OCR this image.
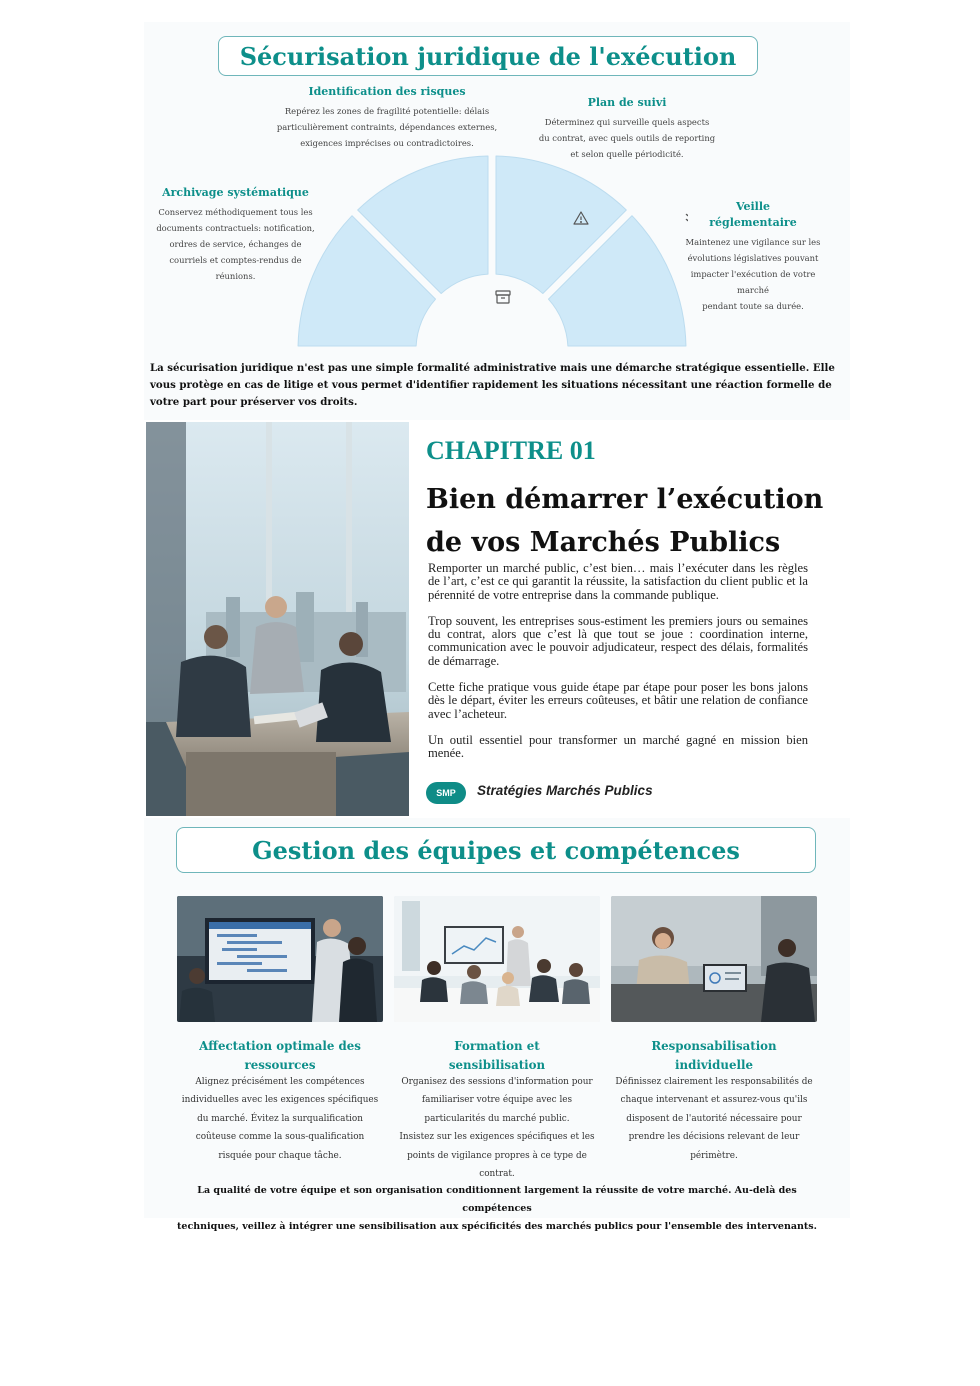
Sécurisation juridique de l'exécution
Identification des risques
Repérez les zones de fragilité potentielle: délais
particulièrement contraints, dépendances externes,
exigences imprécises ou contradictoires.
Plan de suivi
Déterminez qui surveille quels aspects
du contrat, avec quels outils de reporting
et selon quelle périodicité.
Archivage systématique
Conservez méthodiquement tous les
documents contractuels: notification,
ordres de service, échanges de
courriels et comptes-rendus de
réunions.
Veille
réglementaire
Maintenez une vigilance sur les
évolutions législatives pouvant
impacter l'exécution de votre marché
pendant toute sa durée.
La sécurisation juridique n'est pas une simple formalité administrative mais une démarche stratégique essentielle. Elle vous protège en cas de litige et vous permet d'identifier rapidement les situations nécessitant une réaction formelle de votre part pour préserver vos droits.
CHAPITRE 01
Bien démarrer l’exécution
de vos Marchés Publics

Remporter un marché public, c’est bien… mais l’exécuter dans les règles de l’art, c’est ce qui garantit la réussite, la satisfaction du client public et la pérennité de votre entreprise dans la commande publique.

Trop souvent, les entreprises sous-estiment les premiers jours ou semaines du contrat, alors que c’est là que tout se joue : coordination interne, communication avec le pouvoir adjudicateur, respect des délais, formalités de démarrage.

Cette fiche pratique vous guide étape par étape pour poser les bons jalons dès le départ, éviter les erreurs coûteuses, et bâtir une relation de confiance avec l’acheteur.

Un outil essentiel pour transformer un marché gagné en mission bien menée.

SMP	Stratégies Marchés Publics
Gestion des équipes et compétences
Affectation optimale des
ressources
Alignez précisément les compétences
individuelles avec les exigences spécifiques
du marché. Évitez la surqualification
coûteuse comme la sous-qualification
risquée pour chaque tâche.
Formation et
sensibilisation
Organisez des sessions d'information pour
familiariser votre équipe avec les
particularités du marché public.
Insistez sur les exigences spécifiques et les
points de vigilance propres à ce type de
contrat.
Responsabilisation
individuelle
Définissez clairement les responsabilités de
chaque intervenant et assurez-vous qu'ils
disposent de l'autorité nécessaire pour
prendre les décisions relevant de leur
périmètre.
La qualité de votre équipe et son organisation conditionnent largement la réussite de votre marché. Au-delà des compétences
techniques, veillez à intégrer une sensibilisation aux spécificités des marchés publics pour l'ensemble des intervenants.
